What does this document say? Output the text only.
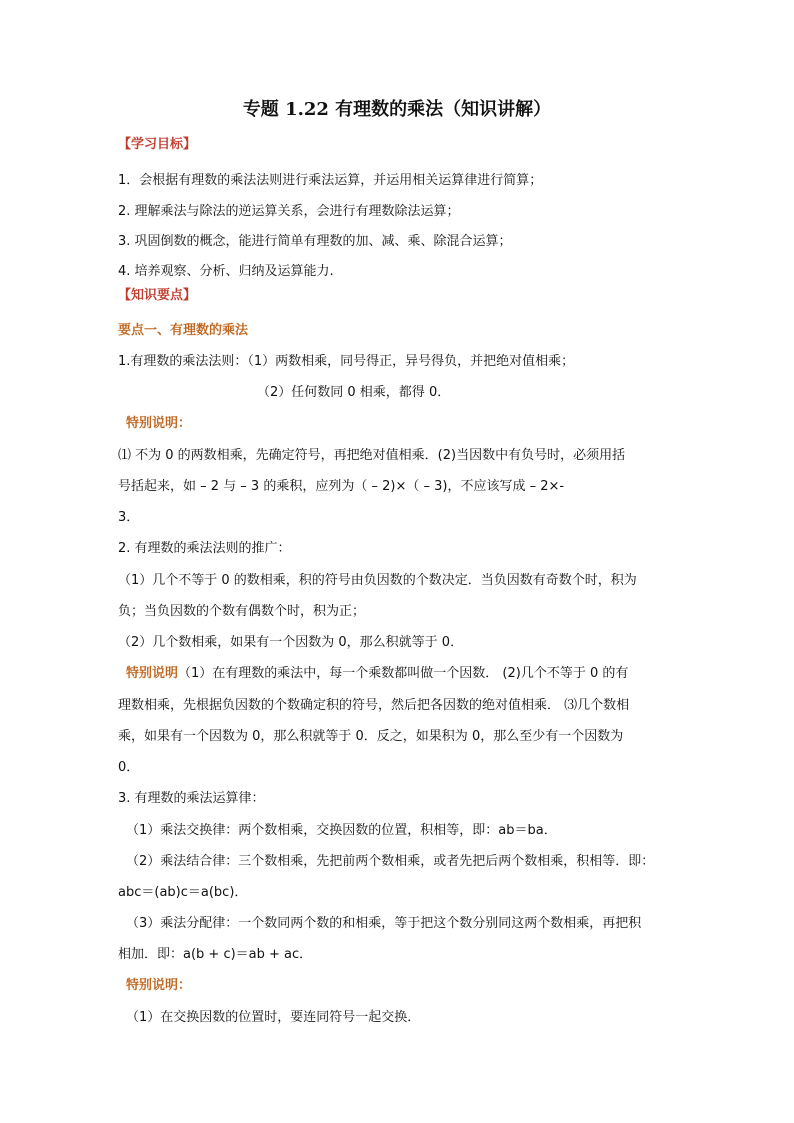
专题 1.22 有理数的乘法（知识讲解）
【学习目标】
1．会根据有理数的乘法法则进行乘法运算，并运用相关运算律进行简算；
2. 理解乘法与除法的逆运算关系，会进行有理数除法运算；
3. 巩固倒数的概念，能进行简单有理数的加、减、乘、除混合运算；
4. 培养观察、分析、归纳及运算能力.
【知识要点】
要点一、有理数的乘法
1.有理数的乘法法则：（1）两数相乘，同号得正，异号得负，并把绝对值相乘；
（2）任何数同 0 相乘，都得 0．
特别说明：
⑴ 不为 0 的两数相乘，先确定符号，再把绝对值相乘．(2)当因数中有负号时，必须用括
号括起来，如 – 2 与 – 3 的乘积，应列为（ – 2)×（ – 3)，不应该写成 – 2×-
3．
2. 有理数的乘法法则的推广：
（1）几个不等于 0 的数相乘，积的符号由负因数的个数决定．当负因数有奇数个时，积为
负；当负因数的个数有偶数个时，积为正；
（2）几个数相乘，如果有一个因数为 0，那么积就等于 0．
特别说明（1）在有理数的乘法中，每一个乘数都叫做一个因数． (2)几个不等于 0 的有
理数相乘，先根据负因数的个数确定积的符号，然后把各因数的绝对值相乘． ⑶几个数相
乘，如果有一个因数为 0，那么积就等于 0．反之，如果积为 0，那么至少有一个因数为
0．
3. 有理数的乘法运算律：
（1）乘法交换律：两个数相乘，交换因数的位置，积相等，即：ab＝ba．
（2）乘法结合律：三个数相乘，先把前两个数相乘，或者先把后两个数相乘，积相等．即：
abc＝(ab)c＝a(bc)．
（3）乘法分配律：一个数同两个数的和相乘，等于把这个数分别同这两个数相乘，再把积
相加．即：a(b + c)＝ab + ac．
特别说明：
（1）在交换因数的位置时，要连同符号一起交换．
